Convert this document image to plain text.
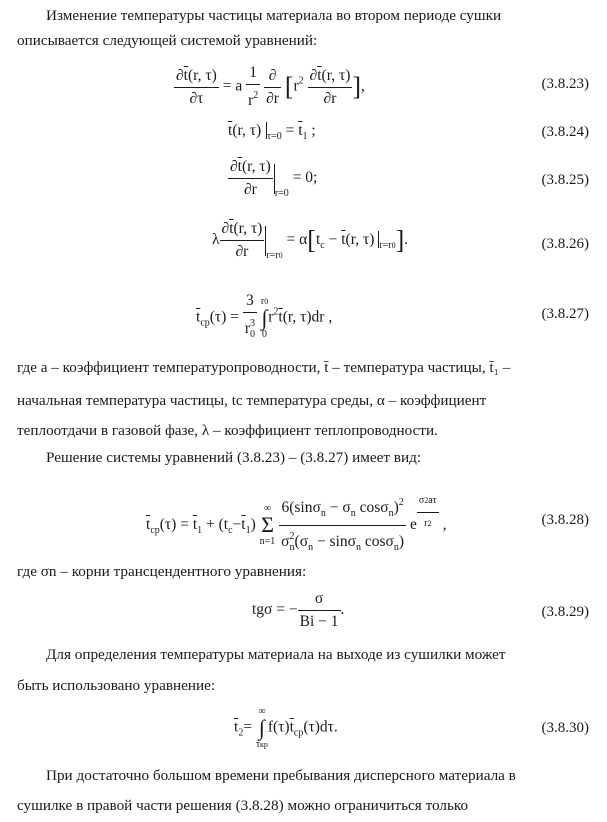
Изменение температуры частицы материала во втором периоде сушки
описывается следующей системой уравнений:
$\frac{\partial\overline{t}(r, \tau)}{\partial\tau} = a \frac{1}{r^2}$
$\frac{\partial}{\partial r} [r^2 \frac{\partial\overline{t}(r, \tau)}{\partial r}$ ],	(3.8.23)
$\overline{t}(r$, τ) $_{\tau=0} = \overline{t}_1$ ;	(3.8.24)
$\frac{\partial\overline{t}(r, \tau)}{\partial r} _{r=0} = 0$;	(3.8.25)
λ $\frac{\partial\overline{t}(r, \tau)}{\partial r} _{r=r0} = \alpha[t_c - \overline{t}(r$, τ) $_{r=r0}$].	(3.8.26)
$\overline{t}_{cp}(\tau) = \frac{3}{r^3_0} r0$
∫
$0r^2\overline{t}(r$, τ)dr ,	(3.8.27)
где a – коэффициент температуропроводности, t̄ – температура частицы, t̄₁ –
начальная температура частицы, tc температура среды, α – коэффициент
теплоотдачи в газовой фазе, λ – коэффициент теплопроводности.
Решение системы уравнений (3.8.23) – (3.8.27) имеет вид:
$\overline{t}_{cp}(\tau) = \overline{t}_1 + (t_c-\overline{t}_1)$ ∞
Σ
$n=1 \frac{6(\sin\sigma_n - \sigma_n \cos\sigma_n)^2}{\sigma^2_n(\sigma_n - \sin\sigma_n \cos\sigma_n)}$ e $\frac{\sigma 2a\tau}{r2}$ ,	(3.8.28)
где σn – корни трансцендентного уравнения:
tgσ = − $\frac{\sigma}{Bi - 1}$ .	(3.8.29)
Для определения температуры материала на выходе из сушилки может
быть использовано уравнение:
$\overline{t}_2=$ ∞
∫
$\tau крf(\tau)\overline{t}_{cp}(\tau)d\tau$.	(3.8.30)
При достаточно большом времени пребывания дисперсного материала в
сушилке в правой части решения (3.8.28) можно ограничиться только
